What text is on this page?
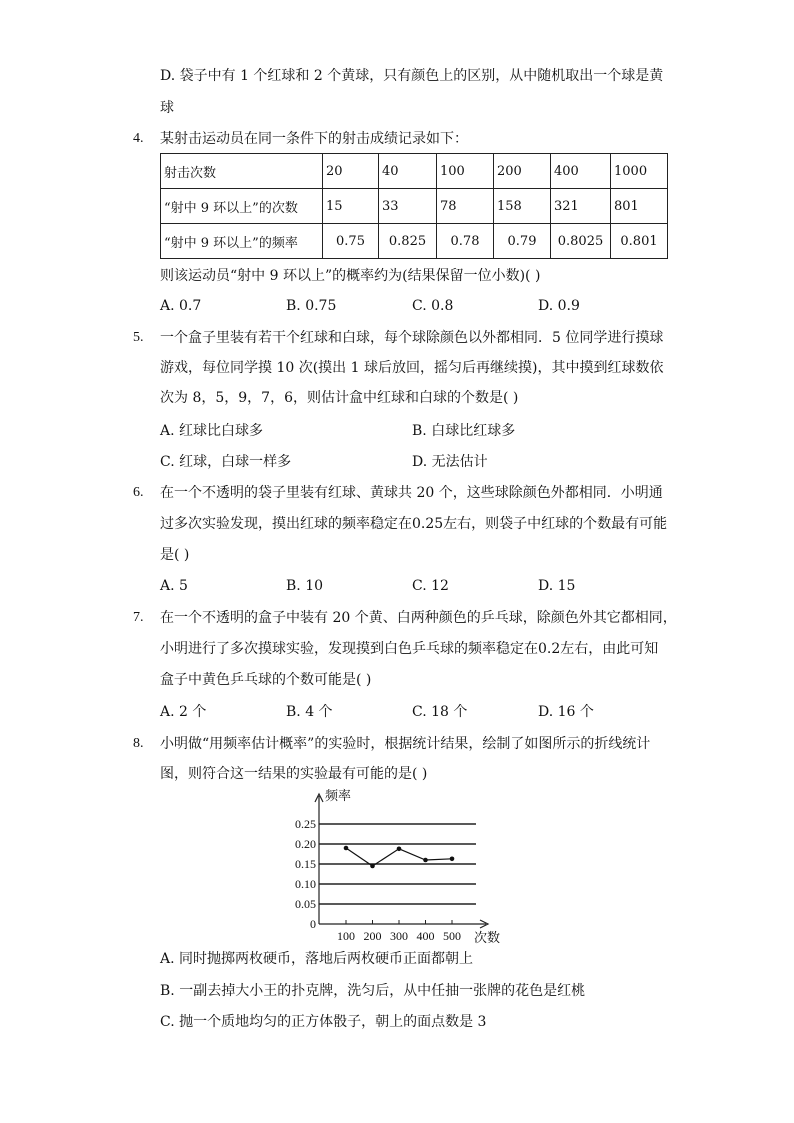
D. 袋子中有 1 个红球和 2 个黄球，只有颜色上的区别，从中随机取出一个球是黄
球
4. 某射击运动员在同一条件下的射击成绩记录如下：
射击次数	20	40	100	200	400	1000
“射中 9 环以上”的次数	15	33	78	158	321	801
“射中 9 环以上”的频率	0.75	0.825	0.78	0.79	0.8025	0.801
则该运动员“射中 9 环以上”的概率约为(结果保留一位小数)( )
A. 0.7	B. 0.75	C. 0.8	D. 0.9
5. 一个盒子里装有若干个红球和白球，每个球除颜色以外都相同．5 位同学进行摸球
游戏，每位同学摸 10 次(摸出 1 球后放回，摇匀后再继续摸)，其中摸到红球数依
次为 8，5，9，7，6，则估计盒中红球和白球的个数是( )
A. 红球比白球多	B. 白球比红球多
C. 红球，白球一样多	D. 无法估计
6. 在一个不透明的袋子里装有红球、黄球共 20 个，这些球除颜色外都相同．小明通
过多次实验发现，摸出红球的频率稳定在0.25左右，则袋子中红球的个数最有可能
是( )
A. 5	B. 10	C. 12	D. 15
7. 在一个不透明的盒子中装有 20 个黄、白两种颜色的乒乓球，除颜色外其它都相同，
小明进行了多次摸球实验，发现摸到白色乒乓球的频率稳定在0.2左右，由此可知
盒子中黄色乒乓球的个数可能是( )
A. 2 个	B. 4 个	C. 18 个	D. 16 个
8. 小明做“用频率估计概率”的实验时，根据统计结果，绘制了如图所示的折线统计
图，则符合这一结果的实验最有可能的是( )
0
0.05
0.10
0.15
0.20
0.25
100 200 300 400 500
频率
次数
A. 同时抛掷两枚硬币，落地后两枚硬币正面都朝上
B. 一副去掉大小王的扑克牌，洗匀后，从中任抽一张牌的花色是红桃
C. 抛一个质地均匀的正方体骰子，朝上的面点数是 3
